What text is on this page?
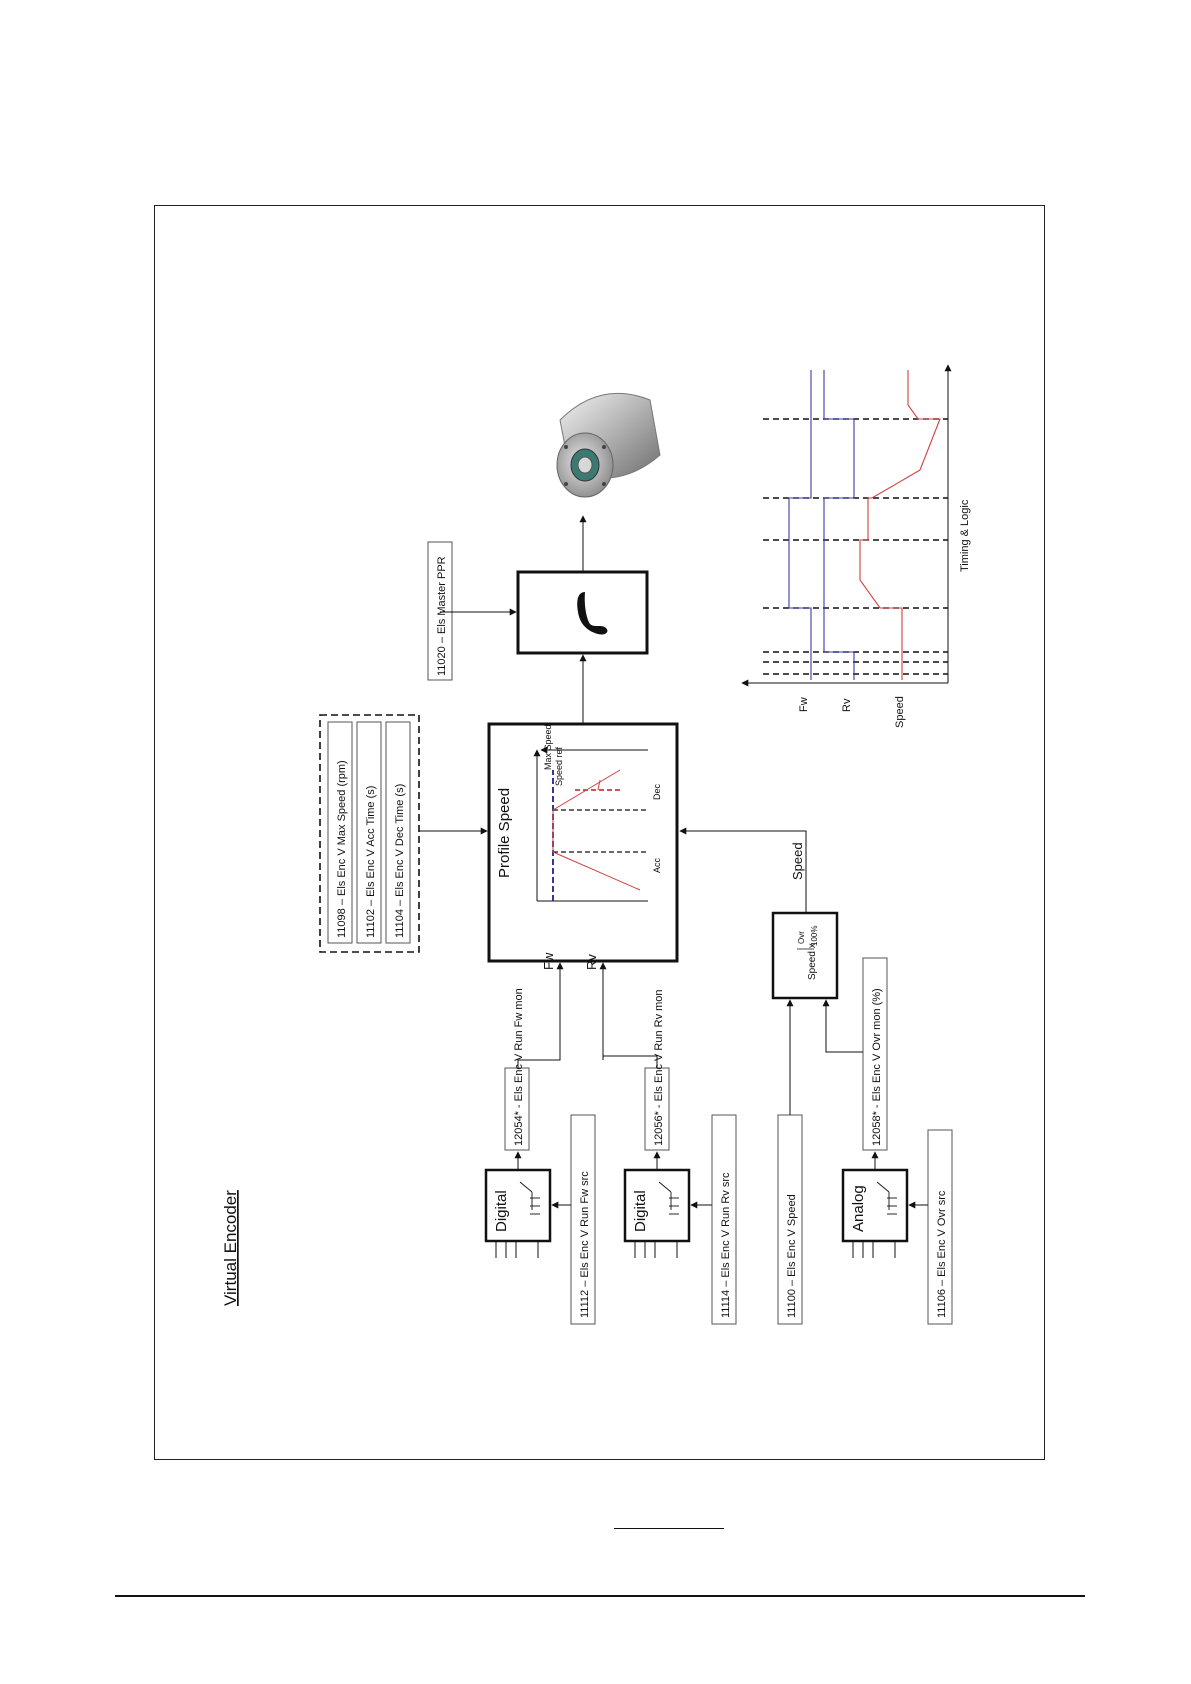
Virtual Encoder
11098 – Els Enc V Max Speed (rpm) 11102 – Els Enc V Acc Time (s) 11104 – Els Enc V Dec Time (s)	Profile Speed
Max Speed Speed ref
Acc
Dec
11020 – Els Master PPR
Fw Rv
Speed
Speed x
Ovr 100%
Digital
12054* - Els Enc V Run Fw mon
11112 – Els Enc V Run Fw src	Digital
12056* - Els Enc V Run Rv mon
11114 – Els Enc V Run Rv src	11100 – Els Enc V Speed	Analog
12058* - Els Enc V Ovr mon (%)
11106 – Els Enc V Ovr src
Fw	Rv	Speed
Timing & Logic
